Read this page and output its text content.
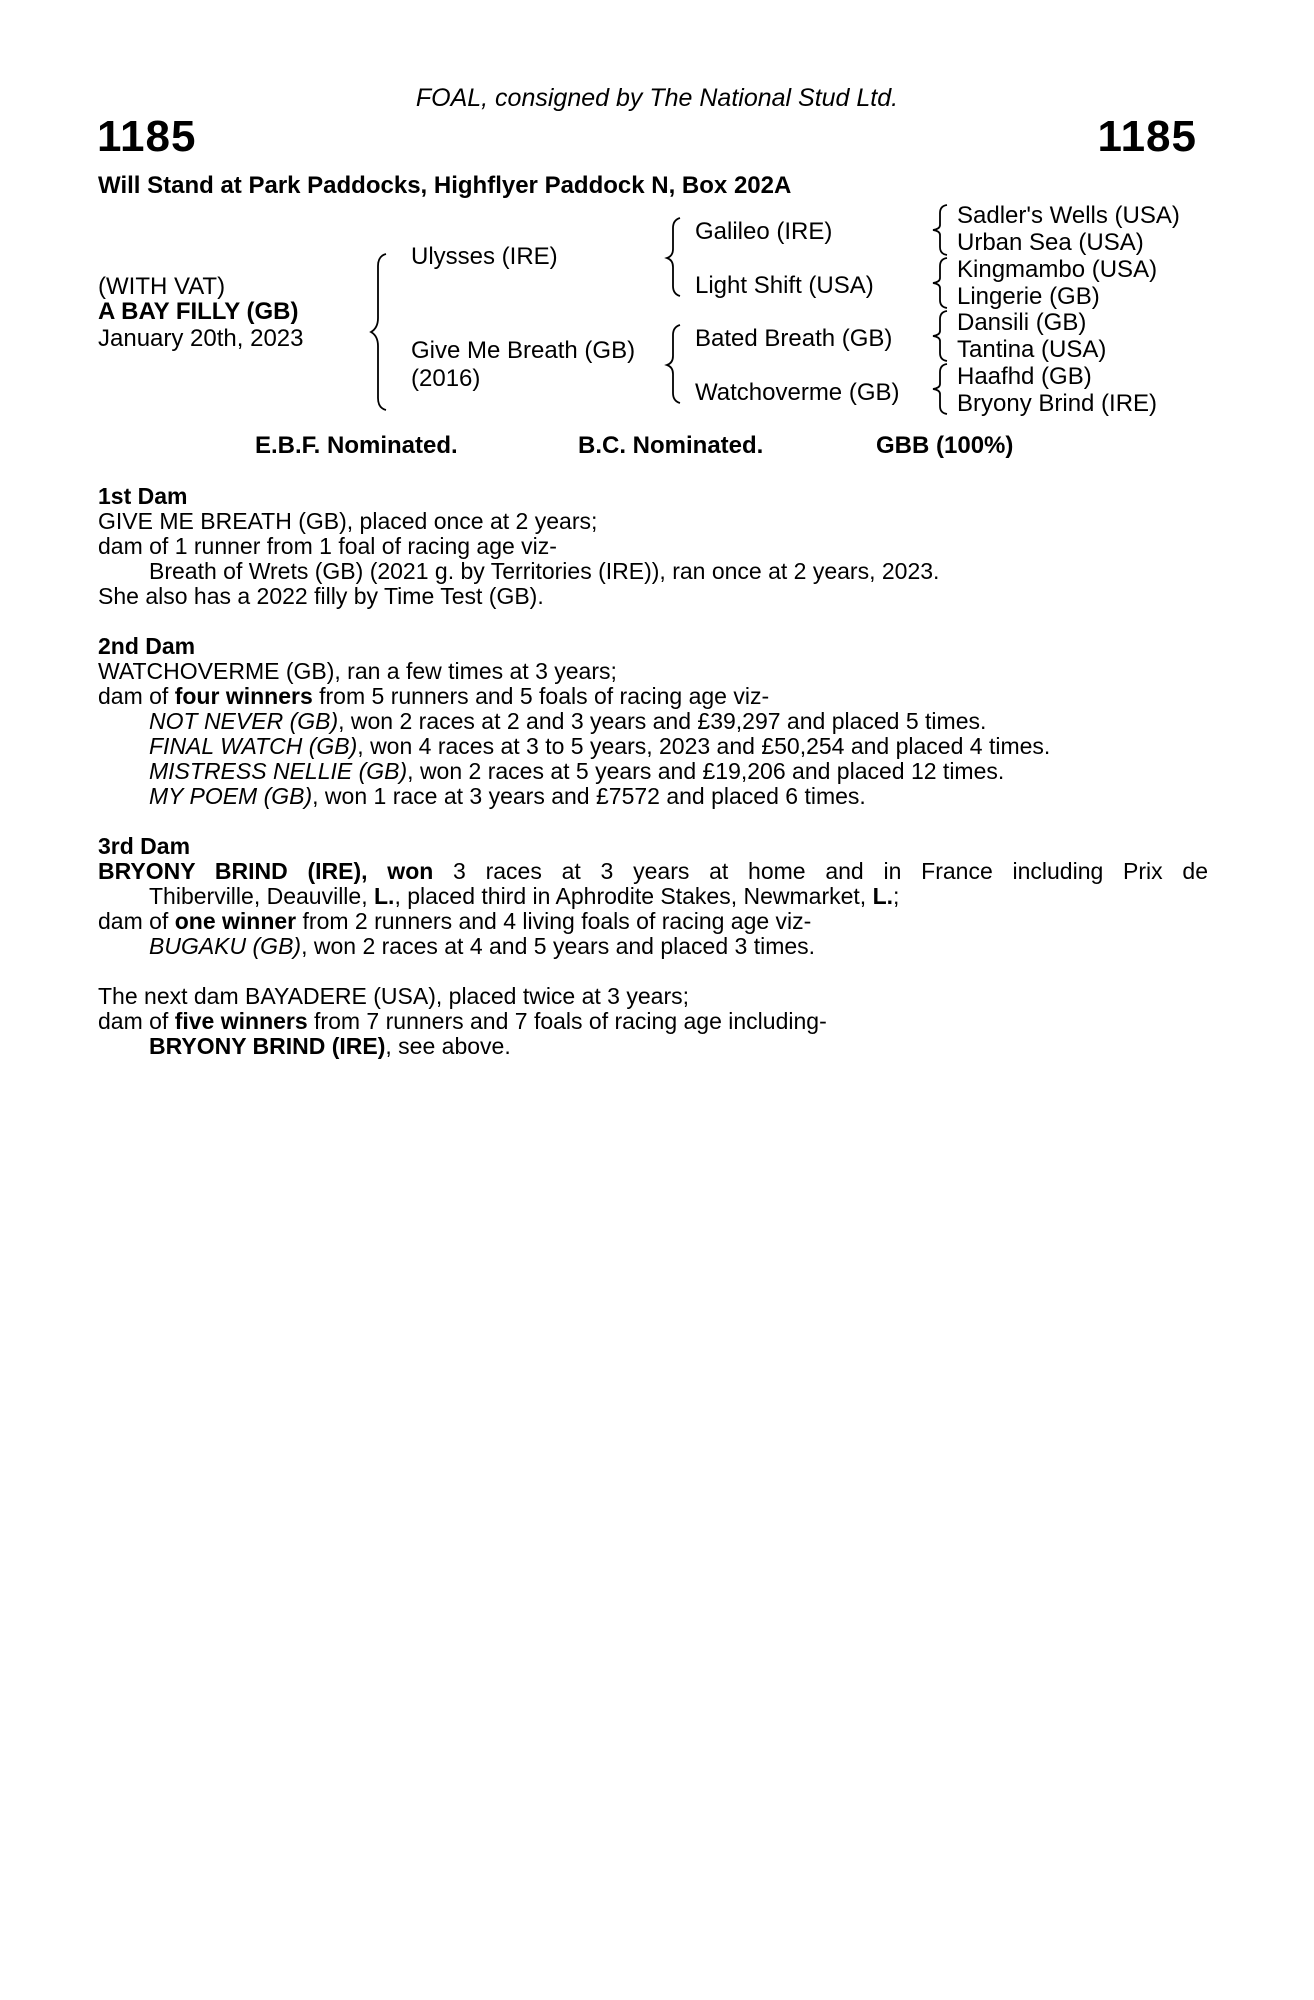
FOAL, consigned by The National Stud Ltd.
1185	1185
Will Stand at Park Paddocks, Highflyer Paddock N, Box 202A
(WITH VAT)
A BAY FILLY (GB)
January 20th, 2023
Ulysses (IRE)
Give Me Breath (GB)
(2016)
Galileo (IRE)
Light Shift (USA)
Bated Breath (GB)
Watchoverme (GB)
Sadler's Wells (USA)
Urban Sea (USA)
Kingmambo (USA)
Lingerie (GB)
Dansili (GB)
Tantina (USA)
Haafhd (GB)
Bryony Brind (IRE)
E.B.F. Nominated.	B.C. Nominated.	GBB (100%)
1st Dam

GIVE ME BREATH (GB), placed once at 2 years;

dam of 1 runner from 1 foal of racing age viz-

Breath of Wrets (GB) (2021 g. by Territories (IRE)), ran once at 2 years, 2023.

She also has a 2022 filly by Time Test (GB).

2nd Dam

WATCHOVERME (GB), ran a few times at 3 years;

dam of four winners from 5 runners and 5 foals of racing age viz-

NOT NEVER (GB), won 2 races at 2 and 3 years and £39,297 and placed 5 times.

FINAL WATCH (GB), won 4 races at 3 to 5 years, 2023 and £50,254 and placed 4 times.

MISTRESS NELLIE (GB), won 2 races at 5 years and £19,206 and placed 12 times.

MY POEM (GB), won 1 race at 3 years and £7572 and placed 6 times.

3rd Dam

BRYONY BRIND (IRE), won 3 races at 3 years at home and in France including Prix de

Thiberville, Deauville, L., placed third in Aphrodite Stakes, Newmarket, L.;

dam of one winner from 2 runners and 4 living foals of racing age viz-

BUGAKU (GB), won 2 races at 4 and 5 years and placed 3 times.

The next dam BAYADERE (USA), placed twice at 3 years;

dam of five winners from 7 runners and 7 foals of racing age including-

BRYONY BRIND (IRE), see above.
